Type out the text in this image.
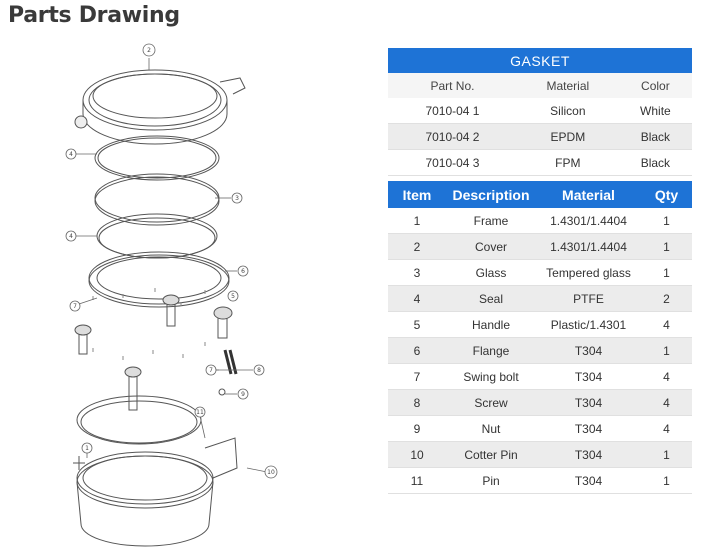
Parts Drawing
2
4
3
4
6
7
5
7	8
9
11
1
10
GASKET		
Part No.	Material	Color
7010-04 1	Silicon	White
7010-04 2	EPDM	Black
7010-04 3	FPM	Black
Item	Description	Material	Qty
1	Frame	1.4301/1.4404	1
2	Cover	1.4301/1.4404	1
3	Glass	Tempered glass	1
4	Seal	PTFE	2
5	Handle	Plastic/1.4301	4
6	Flange	T304	1
7	Swing bolt	T304	4
8	Screw	T304	4
9	Nut	T304	4
10	Cotter Pin	T304	1
11	Pin	T304	1
